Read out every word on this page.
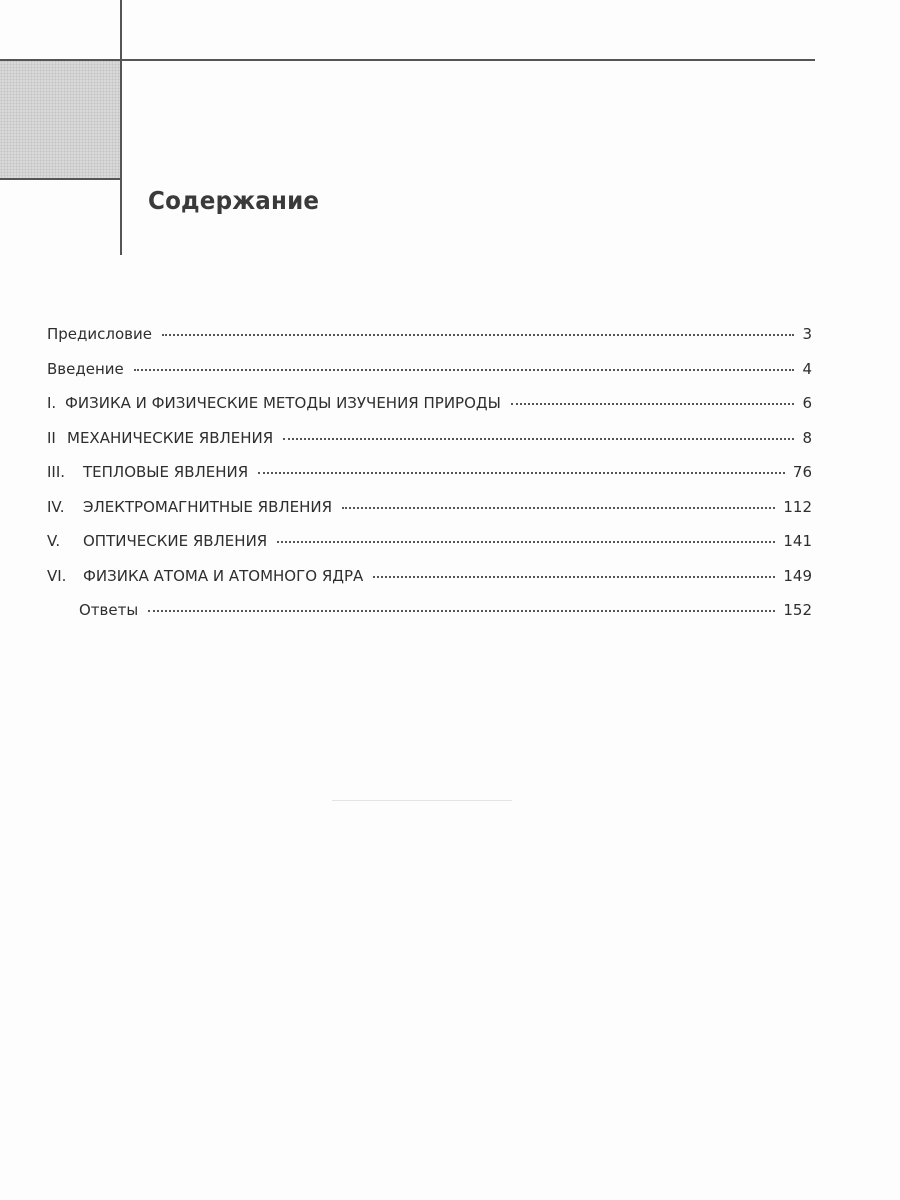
Содержание
Предисловие	3
Введение	4
I. ФИЗИКА И ФИЗИЧЕСКИЕ МЕТОДЫ ИЗУЧЕНИЯ ПРИРОДЫ	6
II МЕХАНИЧЕСКИЕ ЯВЛЕНИЯ	8
III.	ТЕПЛОВЫЕ ЯВЛЕНИЯ	76
IV.	ЭЛЕКТРОМАГНИТНЫЕ ЯВЛЕНИЯ	112
V.	ОПТИЧЕСКИЕ ЯВЛЕНИЯ	141
VI.	ФИЗИКА АТОМА И АТОМНОГО ЯДРА	149
Ответы	152
